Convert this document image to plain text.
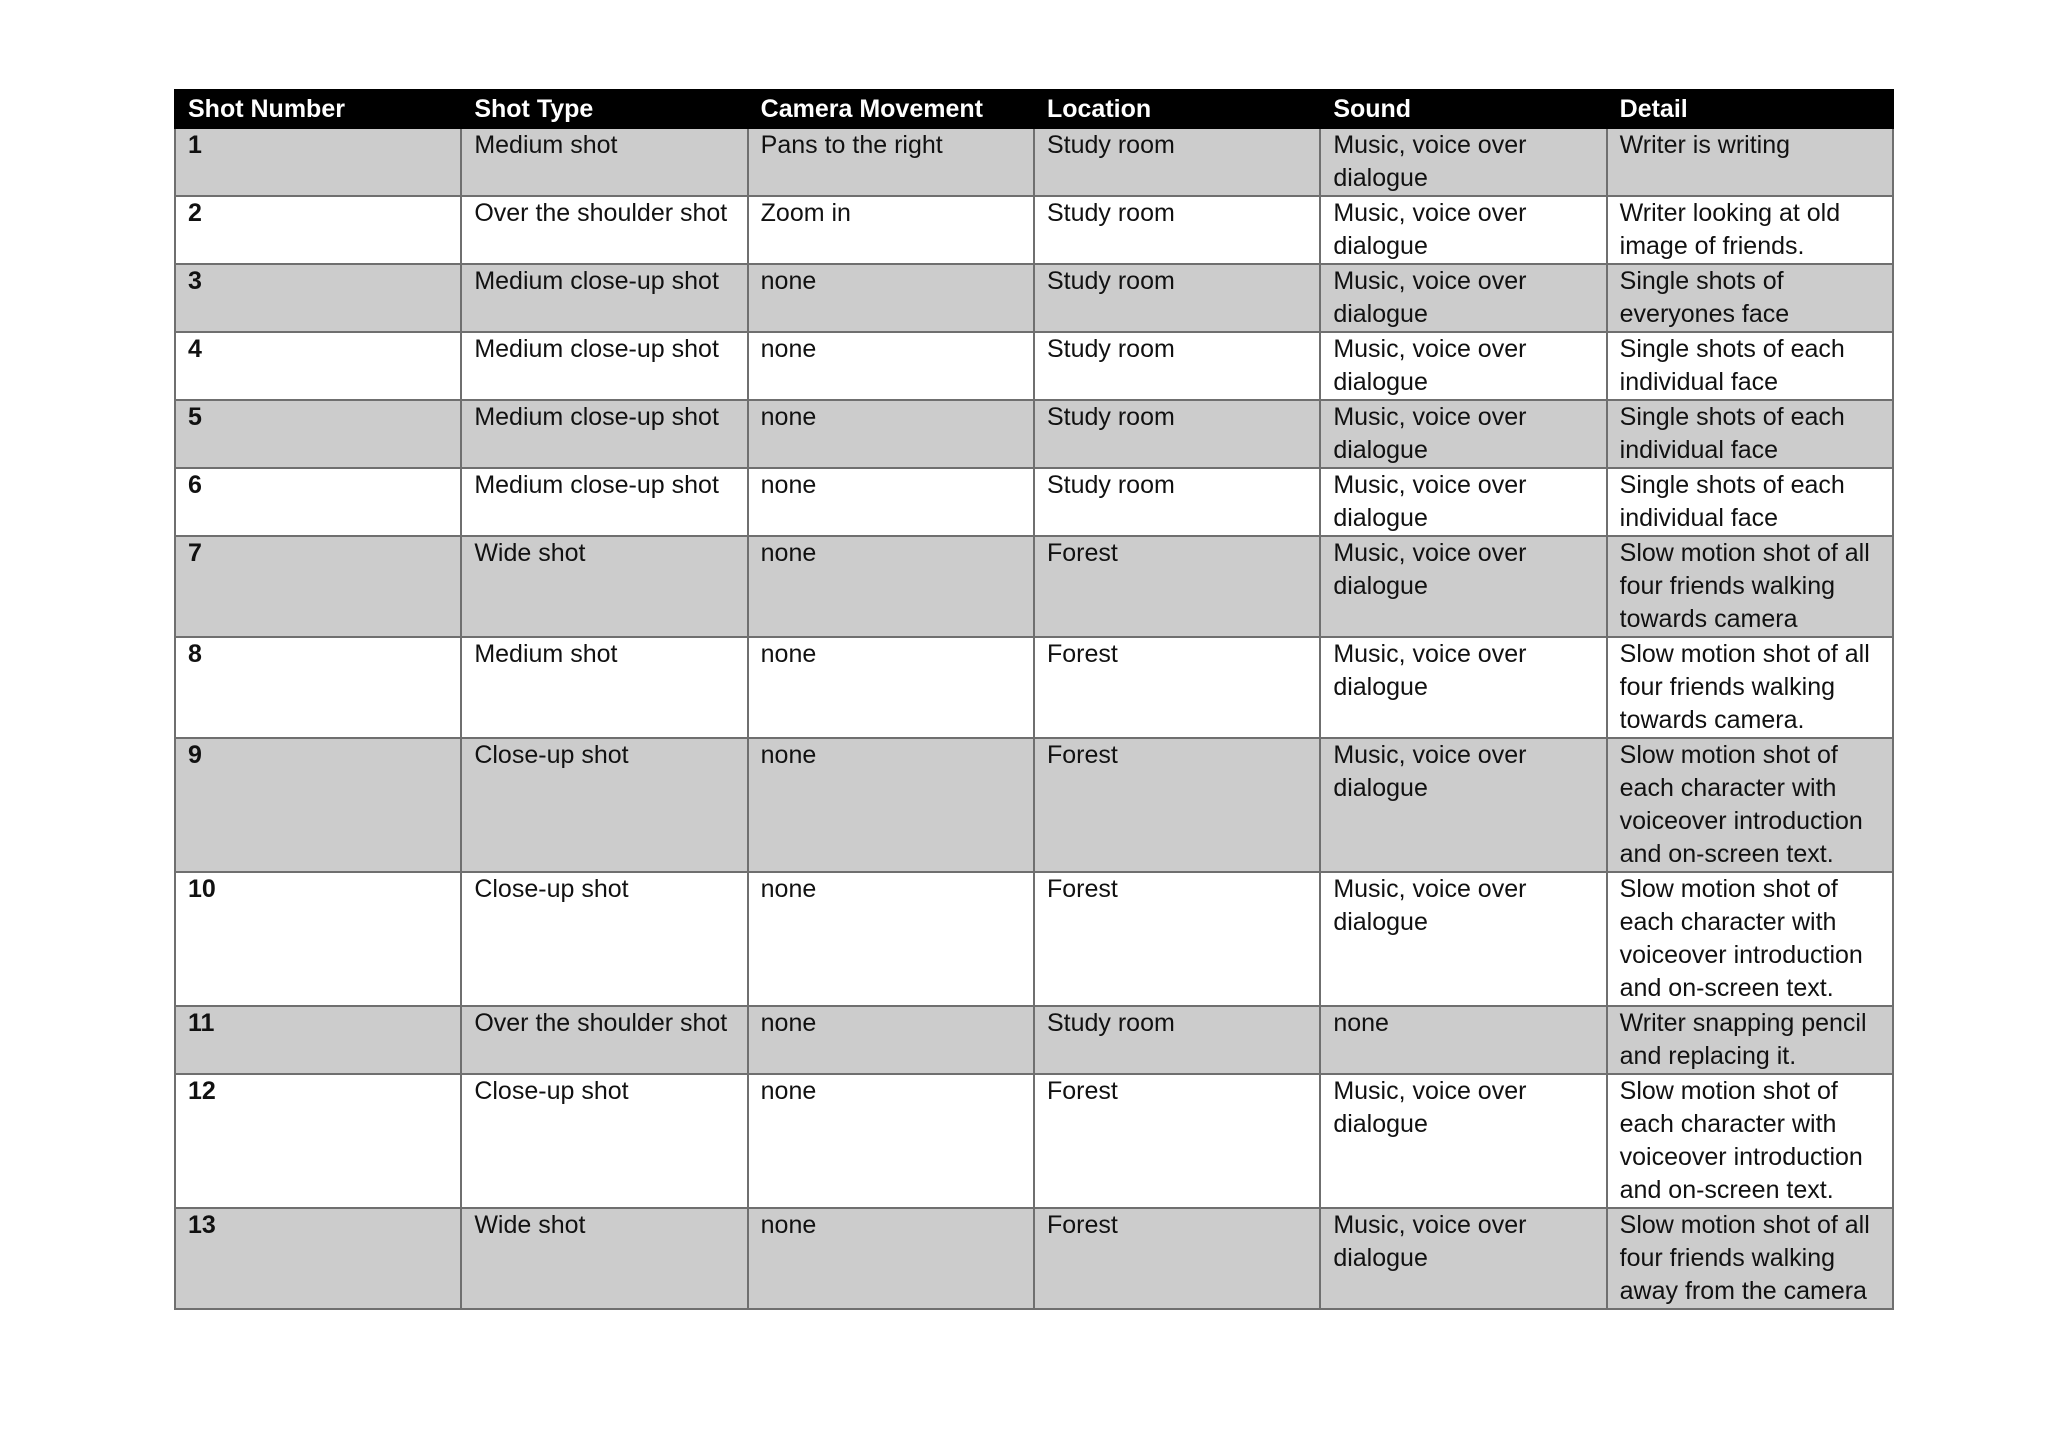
Shot Number	Shot Type	Camera Movement	Location	Sound	Detail
1	Medium shot	Pans to the right	Study room	Music, voice over dialogue	Writer is writing
2	Over the shoulder shot	Zoom in	Study room	Music, voice over dialogue	Writer looking at old image of friends.
3	Medium close-up shot	none	Study room	Music, voice over dialogue	Single shots of everyones face
4	Medium close-up shot	none	Study room	Music, voice over dialogue	Single shots of each individual face
5	Medium close-up shot	none	Study room	Music, voice over dialogue	Single shots of each individual face
6	Medium close-up shot	none	Study room	Music, voice over dialogue	Single shots of each individual face
7	Wide shot	none	Forest	Music, voice over dialogue	Slow motion shot of all four friends walking towards camera
8	Medium shot	none	Forest	Music, voice over dialogue	Slow motion shot of all four friends walking towards camera.
9	Close-up shot	none	Forest	Music, voice over dialogue	Slow motion shot of each character with voiceover introduction and on-screen text.
10	Close-up shot	none	Forest	Music, voice over dialogue	Slow motion shot of each character with voiceover introduction and on-screen text.
11	Over the shoulder shot	none	Study room	none	Writer snapping pencil and replacing it.
12	Close-up shot	none	Forest	Music, voice over dialogue	Slow motion shot of each character with voiceover introduction and on-screen text.
13	Wide shot	none	Forest	Music, voice over dialogue	Slow motion shot of all four friends walking away from the camera
